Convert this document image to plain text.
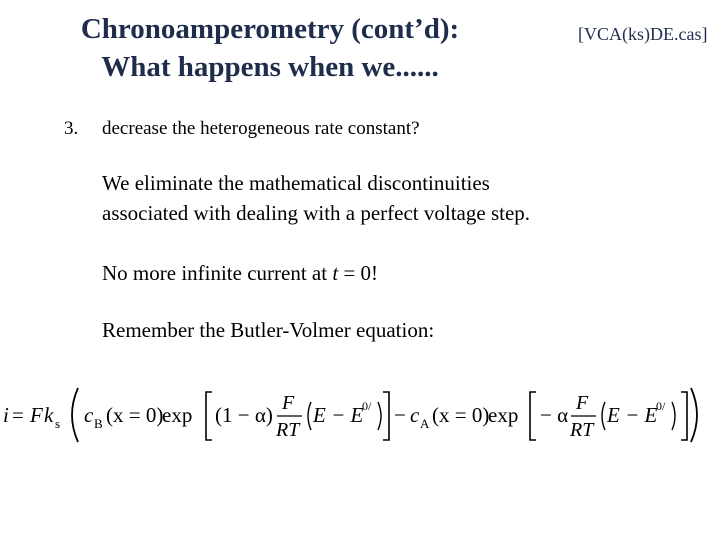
Chronoamperometry (cont’d):
What happens when we......
[VCA(ks)DE.cas]
3. decrease the heterogeneous rate constant?
We eliminate the mathematical discontinuities
associated with dealing with a perfect voltage step.
No more infinite current at t = 0!
Remember the Butler-Volmer equation:
i = F k s c B (x = 0)
exp (1 − α) F
RT
E − E
0/ − c A (x = 0)
exp − α F
RT
E − E
0/
